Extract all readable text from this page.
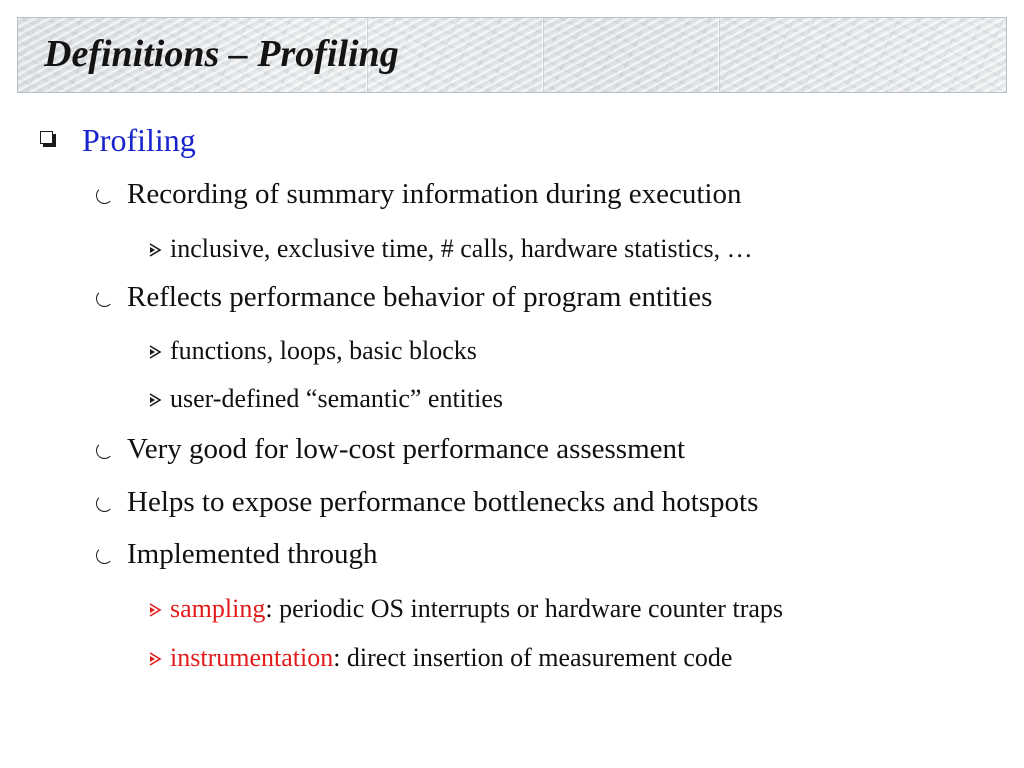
Definitions – Profiling
Profiling
Recording of summary information during execution
inclusive, exclusive time, # calls, hardware statistics, …
Reflects performance behavior of program entities
functions, loops, basic blocks
user-defined “semantic” entities
Very good for low-cost performance assessment
Helps to expose performance bottlenecks and hotspots
Implemented through
sampling: periodic OS interrupts or hardware counter traps
instrumentation: direct insertion of measurement code
